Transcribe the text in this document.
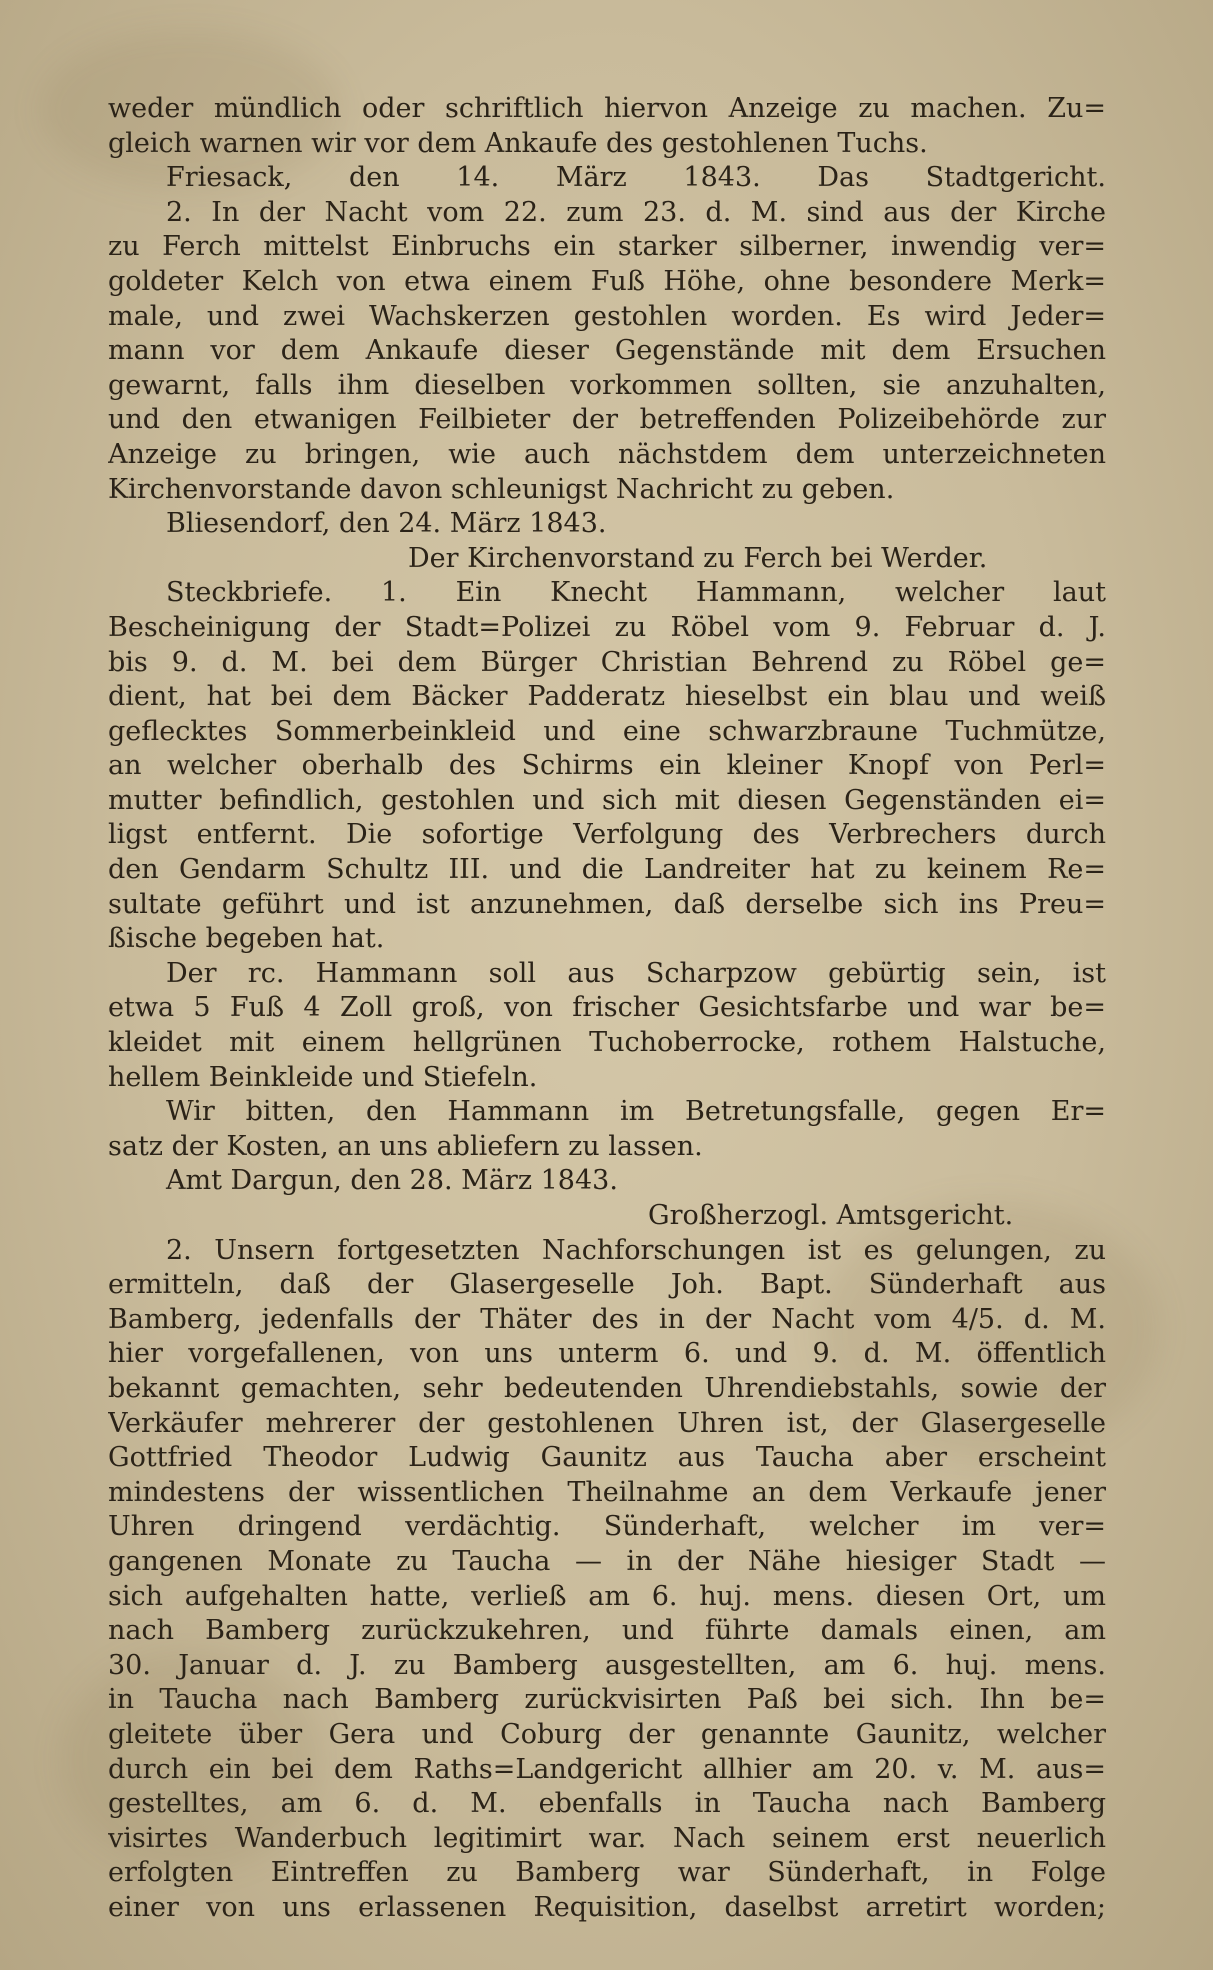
weder mündlich oder schriftlich hiervon Anzeige zu machen. Zu=
gleich warnen wir vor dem Ankaufe des gestohlenen Tuchs.
Friesack, den 14. März 1843. Das Stadtgericht.
2. In der Nacht vom 22. zum 23. d. M. sind aus der Kirche
zu Ferch mittelst Einbruchs ein starker silberner, inwendig ver=
goldeter Kelch von etwa einem Fuß Höhe, ohne besondere Merk=
male, und zwei Wachskerzen gestohlen worden. Es wird Jeder=
mann vor dem Ankaufe dieser Gegenstände mit dem Ersuchen
gewarnt, falls ihm dieselben vorkommen sollten, sie anzuhalten,
und den etwanigen Feilbieter der betreffenden Polizeibehörde zur
Anzeige zu bringen, wie auch nächstdem dem unterzeichneten
Kirchenvorstande davon schleunigst Nachricht zu geben.
Bliesendorf, den 24. März 1843.
Der Kirchenvorstand zu Ferch bei Werder.
Steckbriefe. 1. Ein Knecht Hammann, welcher laut
Bescheinigung der Stadt=Polizei zu Röbel vom 9. Februar d. J.
bis 9. d. M. bei dem Bürger Christian Behrend zu Röbel ge=
dient, hat bei dem Bäcker Padderatz hieselbst ein blau und weiß
geflecktes Sommerbeinkleid und eine schwarzbraune Tuchmütze,
an welcher oberhalb des Schirms ein kleiner Knopf von Perl=
mutter befindlich, gestohlen und sich mit diesen Gegenständen ei=
ligst entfernt. Die sofortige Verfolgung des Verbrechers durch
den Gendarm Schultz III. und die Landreiter hat zu keinem Re=
sultate geführt und ist anzunehmen, daß derselbe sich ins Preu=
ßische begeben hat.
Der rc. Hammann soll aus Scharpzow gebürtig sein, ist
etwa 5 Fuß 4 Zoll groß, von frischer Gesichtsfarbe und war be=
kleidet mit einem hellgrünen Tuchoberrocke, rothem Halstuche,
hellem Beinkleide und Stiefeln.
Wir bitten, den Hammann im Betretungsfalle, gegen Er=
satz der Kosten, an uns abliefern zu lassen.
Amt Dargun, den 28. März 1843.
Großherzogl. Amtsgericht.
2. Unsern fortgesetzten Nachforschungen ist es gelungen, zu
ermitteln, daß der Glasergeselle Joh. Bapt. Sünderhaft aus
Bamberg, jedenfalls der Thäter des in der Nacht vom 4/5. d. M.
hier vorgefallenen, von uns unterm 6. und 9. d. M. öffentlich
bekannt gemachten, sehr bedeutenden Uhrendiebstahls, sowie der
Verkäufer mehrerer der gestohlenen Uhren ist, der Glasergeselle
Gottfried Theodor Ludwig Gaunitz aus Taucha aber erscheint
mindestens der wissentlichen Theilnahme an dem Verkaufe jener
Uhren dringend verdächtig. Sünderhaft, welcher im ver=
gangenen Monate zu Taucha — in der Nähe hiesiger Stadt —
sich aufgehalten hatte, verließ am 6. huj. mens. diesen Ort, um
nach Bamberg zurückzukehren, und führte damals einen, am
30. Januar d. J. zu Bamberg ausgestellten, am 6. huj. mens.
in Taucha nach Bamberg zurückvisirten Paß bei sich. Ihn be=
gleitete über Gera und Coburg der genannte Gaunitz, welcher
durch ein bei dem Raths=Landgericht allhier am 20. v. M. aus=
gestelltes, am 6. d. M. ebenfalls in Taucha nach Bamberg
visirtes Wanderbuch legitimirt war. Nach seinem erst neuerlich
erfolgten Eintreffen zu Bamberg war Sünderhaft, in Folge
einer von uns erlassenen Requisition, daselbst arretirt worden;
